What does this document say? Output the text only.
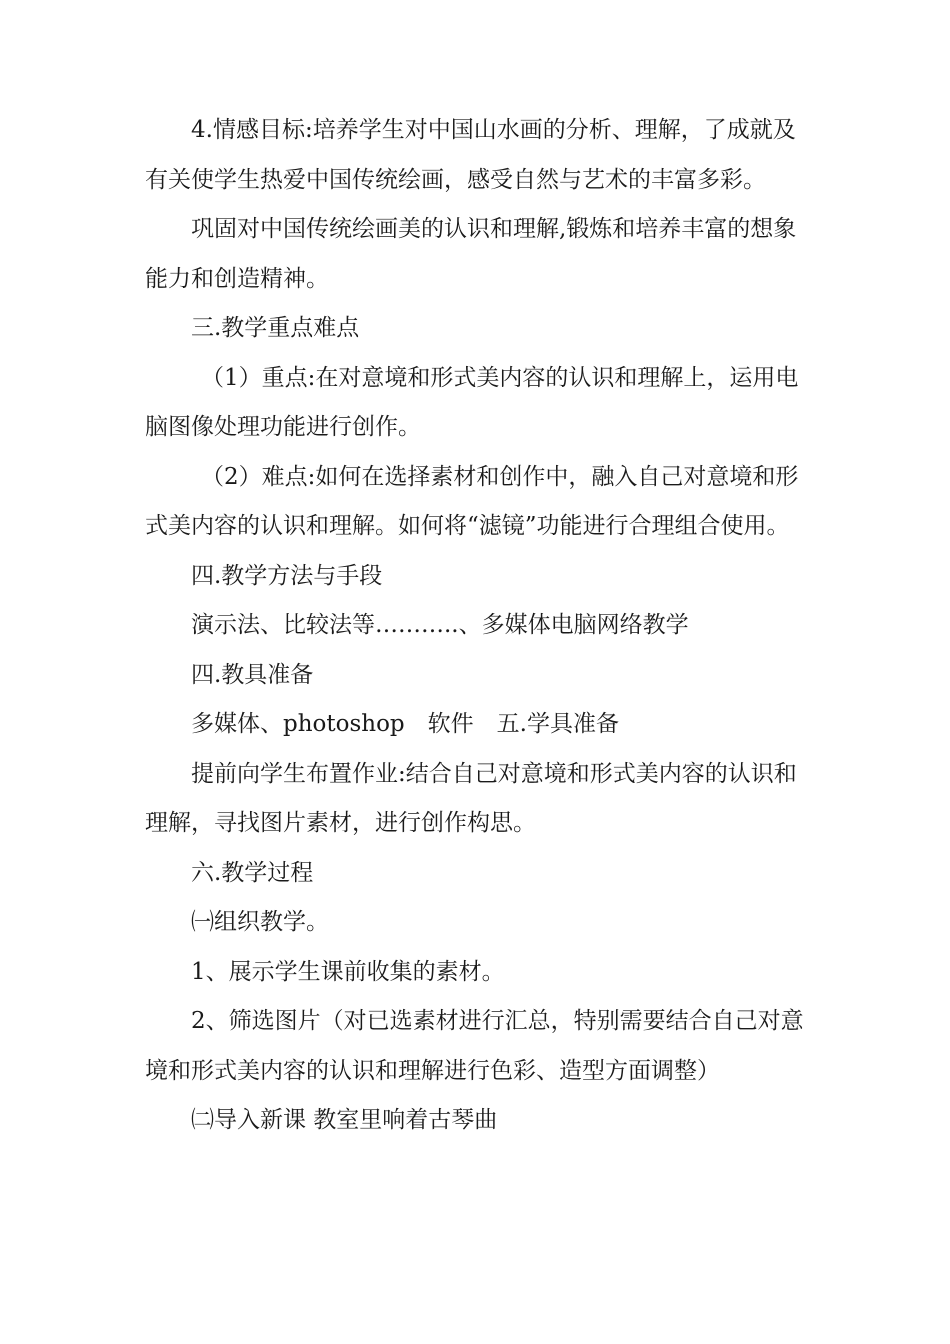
4.情感目标:培养学生对中国山水画的分析、理解，了成就及有关使学生热爱中国传统绘画，感受自然与艺术的丰富多彩。

巩固对中国传统绘画美的认识和理解,锻炼和培养丰富的想象能力和创造精神。

三.教学重点难点

（1）重点:在对意境和形式美内容的认识和理解上，运用电脑图像处理功能进行创作。

（2）难点:如何在选择素材和创作中，融入自己对意境和形式美内容的认识和理解。如何将“滤镜”功能进行合理组合使用。

四.教学方法与手段

演示法、比较法等………..、多媒体电脑网络教学

四.教具准备

多媒体、photoshop　软件　五.学具准备

提前向学生布置作业:结合自己对意境和形式美内容的认识和理解，寻找图片素材，进行创作构思。

六.教学过程

㈠组织教学。

1、展示学生课前收集的素材。

2、筛选图片（对已选素材进行汇总，特别需要结合自己对意境和形式美内容的认识和理解进行色彩、造型方面调整）

㈡导入新课 教室里响着古琴曲
